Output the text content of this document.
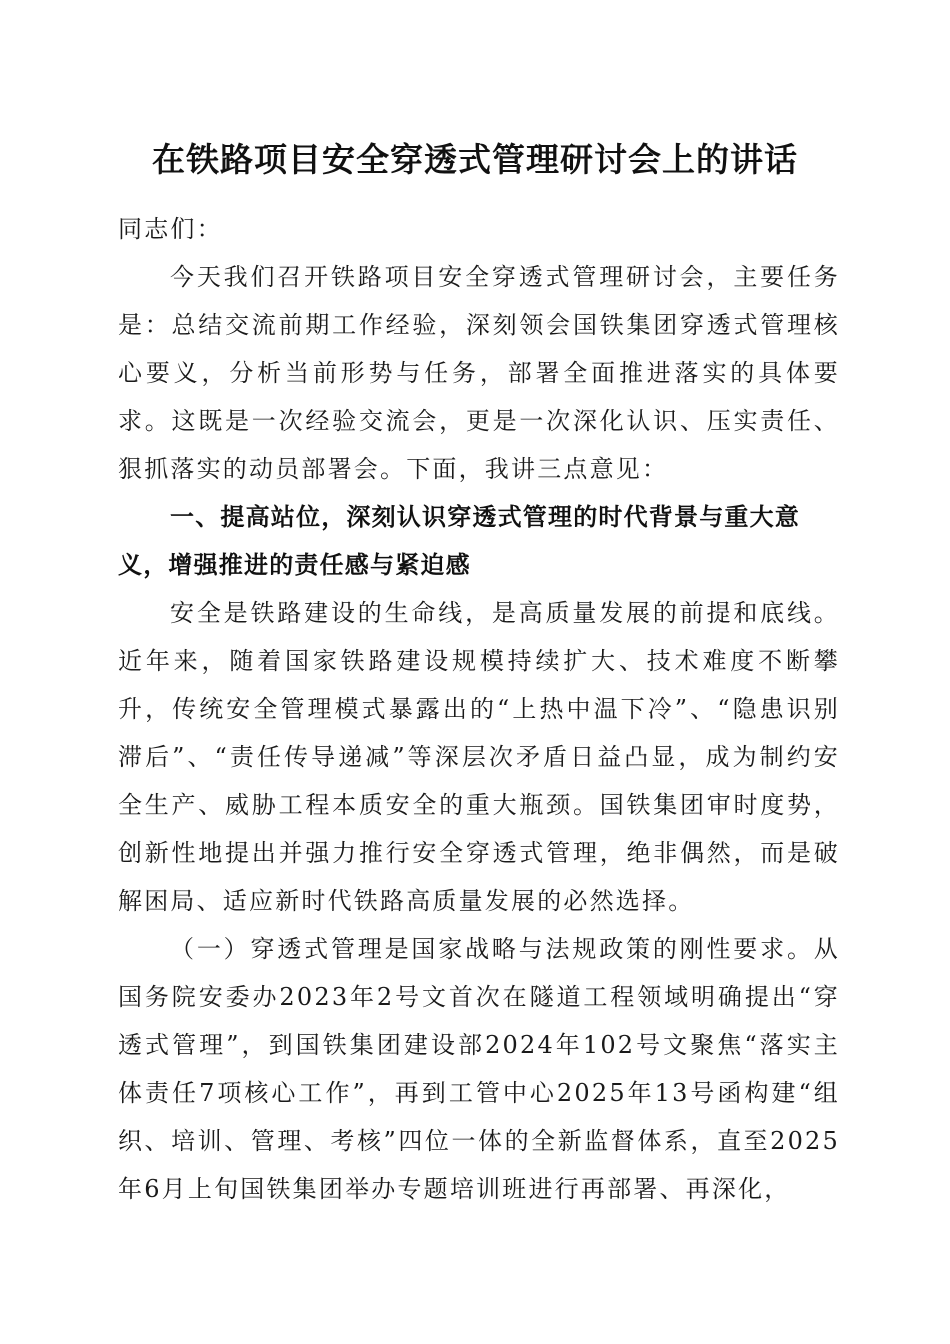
在铁路项目安全穿透式管理研讨会上的讲话

同志们：

今天我们召开铁路项目安全穿透式管理研讨会，主要任务是：总结交流前期工作经验，深刻领会国铁集团穿透式管理核心要义，分析当前形势与任务，部署全面推进落实的具体要求。这既是一次经验交流会，更是一次深化认识、压实责任、狠抓落实的动员部署会。下面，我讲三点意见：

一、提高站位，深刻认识穿透式管理的时代背景与重大意义，增强推进的责任感与紧迫感

安全是铁路建设的生命线，是高质量发展的前提和底线。近年来，随着国家铁路建设规模持续扩大、技术难度不断攀升，传统安全管理模式暴露出的“上热中温下冷”、“隐患识别滞后”、“责任传导递减”等深层次矛盾日益凸显，成为制约安全生产、威胁工程本质安全的重大瓶颈。国铁集团审时度势，创新性地提出并强力推行安全穿透式管理，绝非偶然，而是破解困局、适应新时代铁路高质量发展的必然选择。

（一）穿透式管理是国家战略与法规政策的刚性要求。从国务院安委办2023年2号文首次在隧道工程领域明确提出“穿透式管理”，到国铁集团建设部2024年102号文聚焦“落实主体责任7项核心工作”，再到工管中心2025年13号函构建“组织、培训、管理、考核”四位一体的全新监督体系，直至2025年6月上旬国铁集团举办专题培训班进行再部署、再深化，
